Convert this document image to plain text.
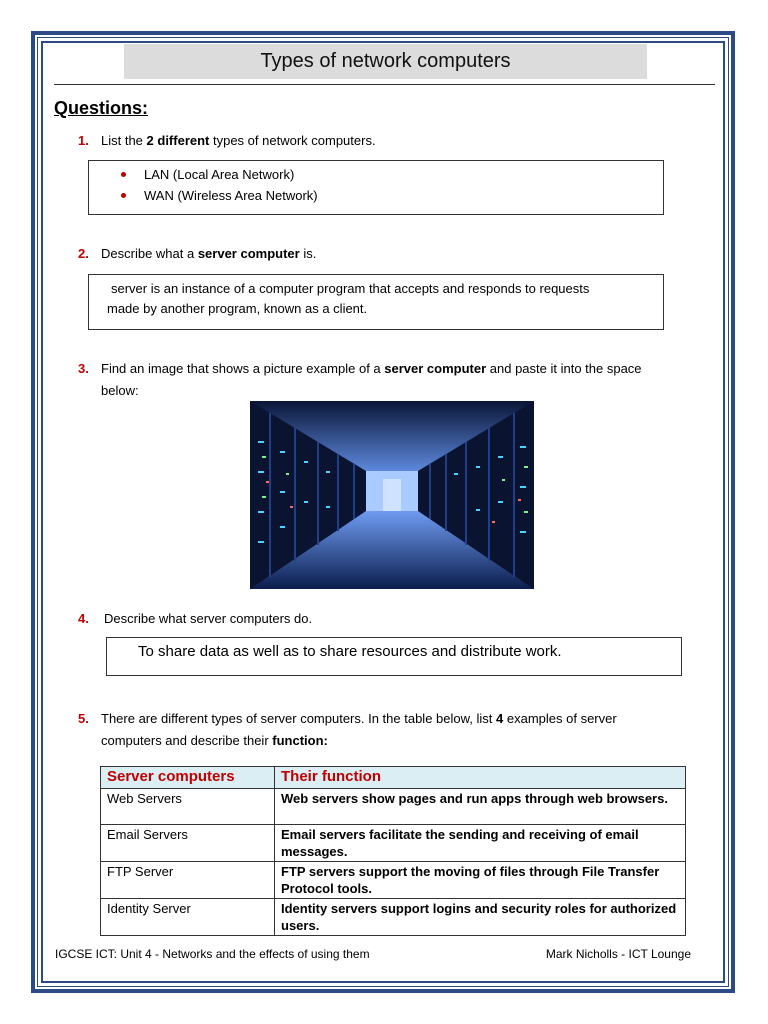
Types of network computers
Questions:
1. List the 2 different types of network computers.
LAN (Local Area Network)
WAN (Wireless Area Network)
2. Describe what a server computer is.
server is an instance of a computer program that accepts and responds to requests
made by another program, known as a client.
3. Find an image that shows a picture example of a server computer and paste it into the space
below:
4. Describe what server computers do.
To share data as well as to share resources and distribute work.
5. There are different types of server computers. In the table below, list 4 examples of server
computers and describe their function:
Server computers	Their function
Web Servers	Web servers show pages and run apps through web browsers.
Email Servers	Email servers facilitate the sending and receiving of email messages.
FTP Server	FTP servers support the moving of files through File Transfer Protocol tools.
Identity Server	Identity servers support logins and security roles for authorized users.
IGCSE ICT: Unit 4 - Networks and the effects of using them	Mark Nicholls - ICT Lounge
